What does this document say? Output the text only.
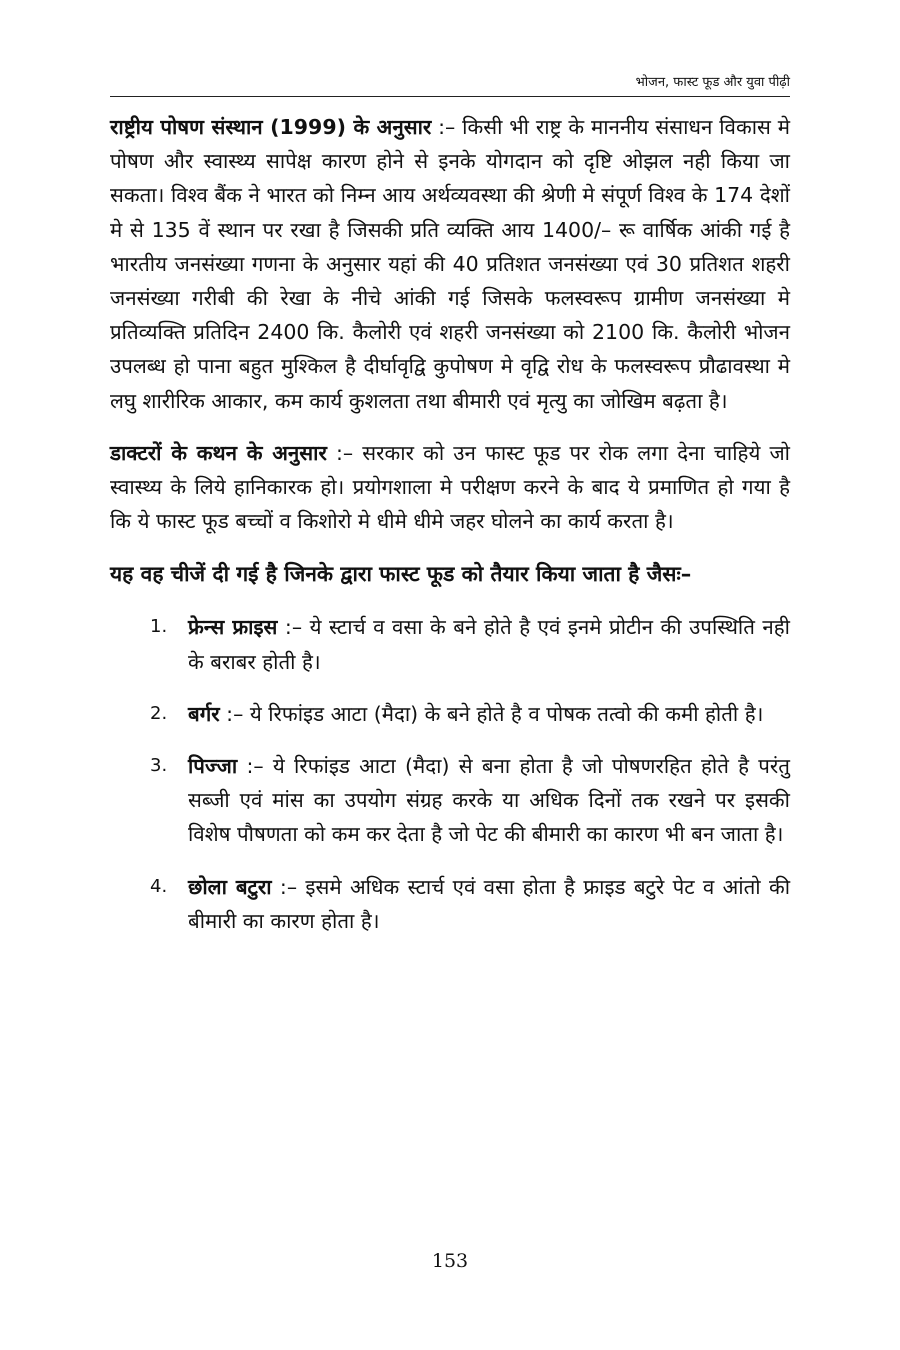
भोजन, फास्ट फूड और युवा पीढ़ी

राष्ट्रीय पोषण संस्थान (1999) के अनुसार :– किसी भी राष्ट्र के माननीय संसाधन विकास मे पोषण और स्वास्थ्य सापेक्ष कारण होने से इनके योगदान को दृष्टि ओझल नही किया जा सकता। विश्व बैंक ने भारत को निम्न आय अर्थव्यवस्था की श्रेणी मे संपूर्ण विश्व के 174 देशों मे से 135 वें स्थान पर रखा है जिसकी प्रति व्यक्ति आय 1400/– रू वार्षिक आंकी गई है भारतीय जनसंख्या गणना के अनुसार यहां की 40 प्रतिशत जनसंख्या एवं 30 प्रतिशत शहरी जनसंख्या गरीबी की रेखा के नीचे आंकी गई जिसके फलस्वरूप ग्रामीण जनसंख्या मे प्रतिव्यक्ति प्रतिदिन 2400 कि. कैलोरी एवं शहरी जनसंख्या को 2100 कि. कैलोरी भोजन उपलब्ध हो पाना बहुत मुश्किल है दीर्घावृद्वि कुपोषण मे वृद्वि रोध के फलस्वरूप प्रौढावस्था मे लघु शारीरिक आकार, कम कार्य कुशलता तथा बीमारी एवं मृत्यु का जोखिम बढ़ता है।

डाक्टरों के कथन के अनुसार :– सरकार को उन फास्ट फूड पर रोक लगा देना चाहिये जो स्वास्थ्य के लिये हानिकारक हो। प्रयोगशाला मे परीक्षण करने के बाद ये प्रमाणित हो गया है कि ये फास्ट फूड बच्चों व किशोरो मे धीमे धीमे जहर घोलने का कार्य करता है।

यह वह चीजें दी गई है जिनके द्वारा फास्ट फूड को तैयार किया जाता है जैसः–
1. फ्रेन्स फ्राइस :– ये स्टार्च व वसा के बने होते है एवं इनमे प्रोटीन की उपस्थिति नही के बराबर होती है।
2. बर्गर :– ये रिफांइड आटा (मैदा) के बने होते है व पोषक तत्वो की कमी होती है।
3. पिज्जा :– ये रिफांइड आटा (मैदा) से बना होता है जो पोषणरहित होते है परंतु सब्जी एवं मांस का उपयोग संग्रह करके या अधिक दिनों तक रखने पर इसकी विशेष पौषणता को कम कर देता है जो पेट की बीमारी का कारण भी बन जाता है।
4. छोला बटुरा :– इसमे अधिक स्टार्च एवं वसा होता है फ्राइड बटुरे पेट व आंतो की बीमारी का कारण होता है।
153
